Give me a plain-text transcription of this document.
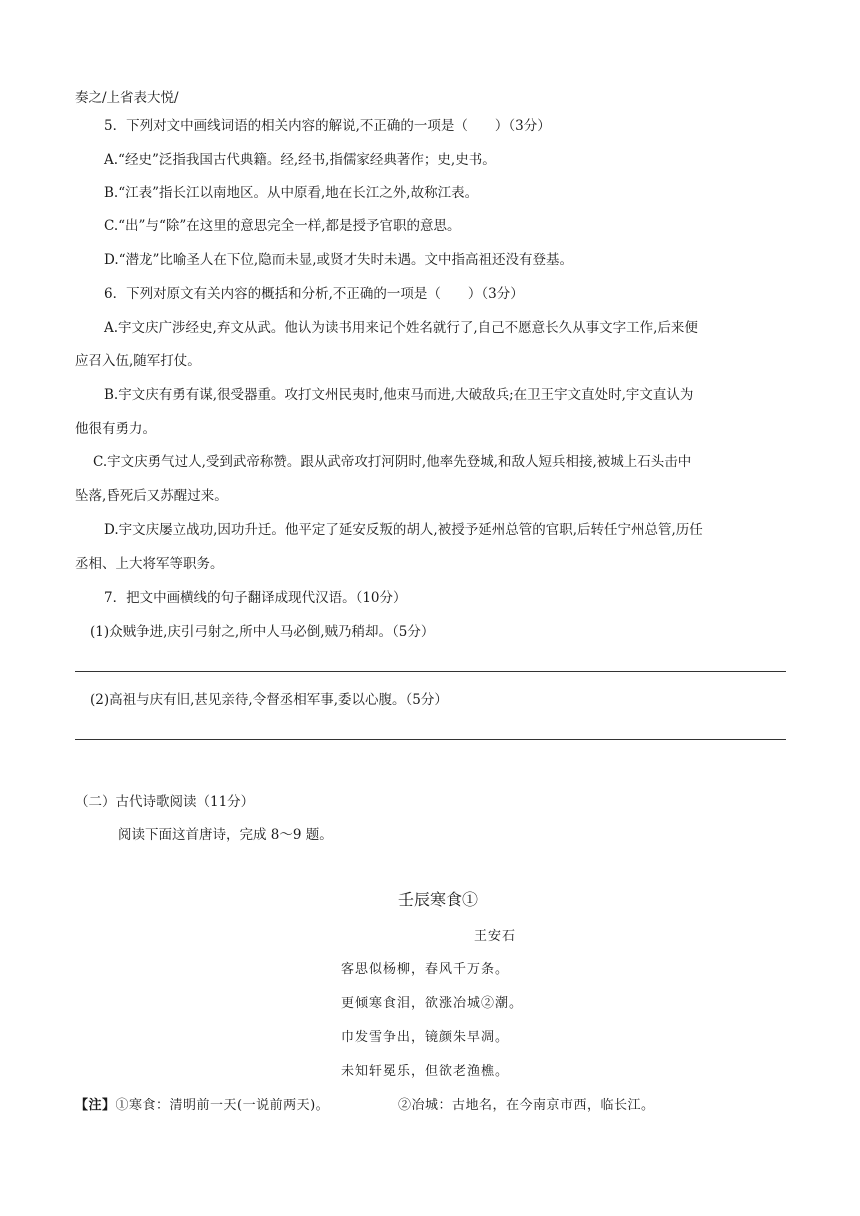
奏之/上省表大悦/
5．下列对文中画线词语的相关内容的解说,不正确的一项是（　　）（3分）
A.“经史”泛指我国古代典籍。经,经书,指儒家经典著作；史,史书。
B.“江表”指长江以南地区。从中原看,地在长江之外,故称江表。
C.“出”与“除”在这里的意思完全一样,都是授予官职的意思。
D.“潜龙”比喻圣人在下位,隐而未显,或贤才失时未遇。文中指高祖还没有登基。
6．下列对原文有关内容的概括和分析,不正确的一项是（　　）（3分）
A.宇文庆广涉经史,弃文从武。他认为读书用来记个姓名就行了,自己不愿意长久从事文字工作,后来便
应召入伍,随军打仗。
B.宇文庆有勇有谋,很受器重。攻打文州民夷时,他束马而进,大破敌兵;在卫王宇文直处时,宇文直认为
他很有勇力。
C.宇文庆勇气过人,受到武帝称赞。跟从武帝攻打河阴时,他率先登城,和敌人短兵相接,被城上石头击中
坠落,昏死后又苏醒过来。
D.宇文庆屡立战功,因功升迁。他平定了延安反叛的胡人,被授予延州总管的官职,后转任宁州总管,历任
丞相、上大将军等职务。
7．把文中画横线的句子翻译成现代汉语。（10分）
(1)众贼争进,庆引弓射之,所中人马必倒,贼乃稍却。（5分）
(2)高祖与庆有旧,甚见亲待,令督丞相军事,委以心腹。（5分）
（二）古代诗歌阅读（11分）
阅读下面这首唐诗，完成 8～9 题。
壬辰寒食①
王安石
客思似杨柳，春风千万条。
更倾寒食泪，欲涨冶城②潮。
巾发雪争出，镜颜朱早凋。
未知轩冕乐，但欲老渔樵。
【注】①寒食：清明前一天(一说前两天)。	②冶城：古地名，在今南京市西，临长江。
